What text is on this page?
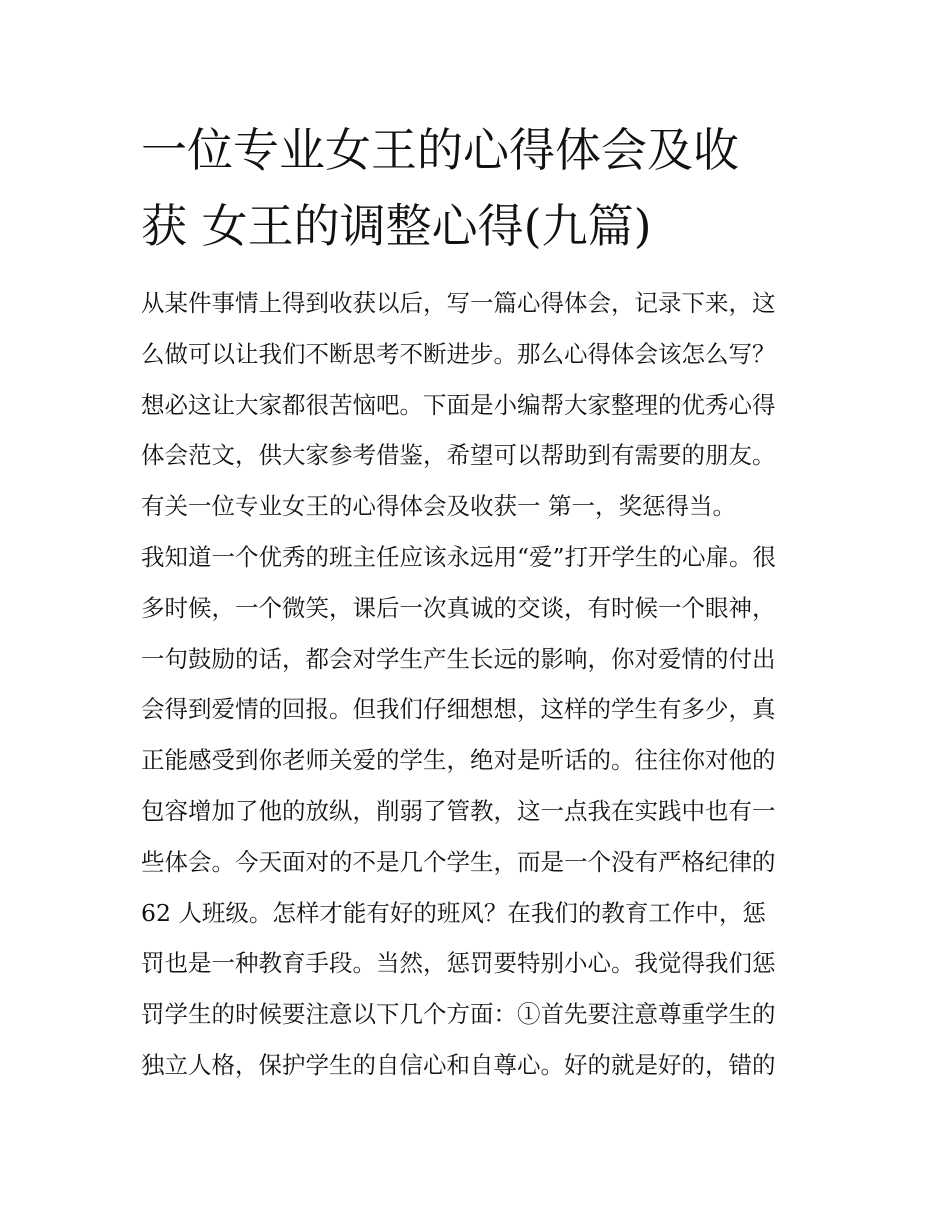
一位专业女王的心得体会及收
获 女王的调整心得(九篇)
从某件事情上得到收获以后，写一篇心得体会，记录下来，这
么做可以让我们不断思考不断进步。那么心得体会该怎么写？
想必这让大家都很苦恼吧。下面是小编帮大家整理的优秀心得
体会范文，供大家参考借鉴，希望可以帮助到有需要的朋友。
有关一位专业女王的心得体会及收获一 第一，奖惩得当。
我知道一个优秀的班主任应该永远用“爱”打开学生的心扉。很
多时候，一个微笑，课后一次真诚的交谈，有时候一个眼神，
一句鼓励的话，都会对学生产生长远的影响，你对爱情的付出
会得到爱情的回报。但我们仔细想想，这样的学生有多少，真
正能感受到你老师关爱的学生，绝对是听话的。往往你对他的
包容增加了他的放纵，削弱了管教，这一点我在实践中也有一
些体会。今天面对的不是几个学生，而是一个没有严格纪律的
62 人班级。怎样才能有好的班风？在我们的教育工作中，惩
罚也是一种教育手段。当然，惩罚要特别小心。我觉得我们惩
罚学生的时候要注意以下几个方面：①首先要注意尊重学生的
独立人格，保护学生的自信心和自尊心。好的就是好的，错的
